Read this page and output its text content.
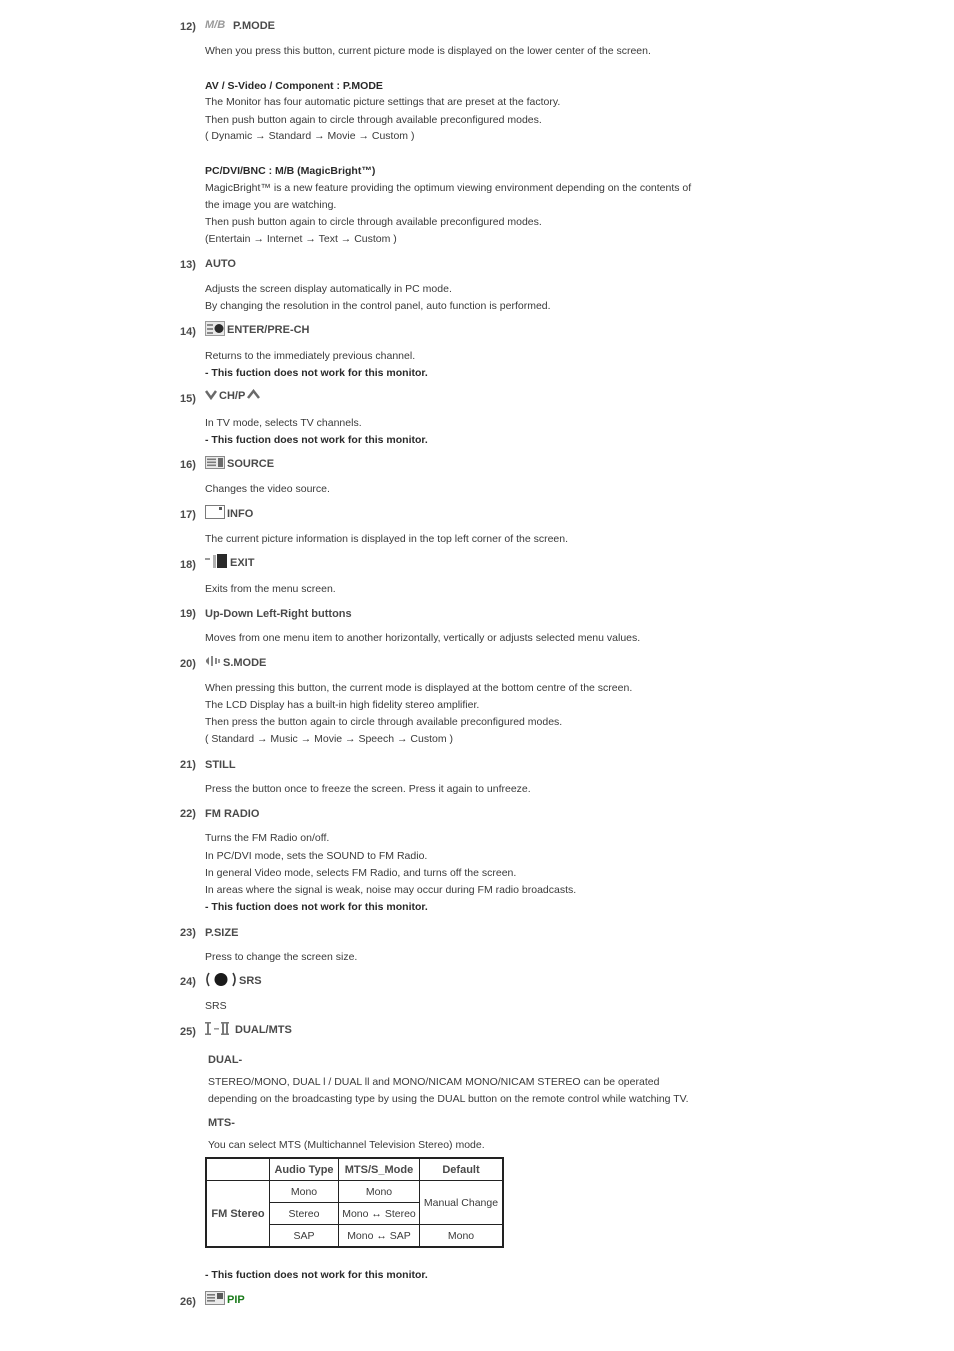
12) M/B P.MODE
When you press this button, current picture mode is displayed on the lower center of the screen.
AV / S-Video / Component : P.MODE
The Monitor has four automatic picture settings that are preset at the factory.
Then push button again to circle through available preconfigured modes.
( Dynamic → Standard → Movie → Custom )
PC/DVI/BNC : M/B (MagicBright™)
MagicBright™ is a new feature providing the optimum viewing environment depending on the contents of
the image you are watching.
Then push button again to circle through available preconfigured modes.
(Entertain → Internet → Text → Custom )
13) AUTO
Adjusts the screen display automatically in PC mode.
By changing the resolution in the control panel, auto function is performed.
14)	ENTER/PRE-CH
Returns to the immediately previous channel.
- This fuction does not work for this monitor.
15) CH/P
In TV mode, selects TV channels.
- This fuction does not work for this monitor.
16)	SOURCE
Changes the video source.
17)	INFO
The current picture information is displayed in the top left corner of the screen.
18)	EXIT
Exits from the menu screen.
19) Up-Down Left-Right buttons
Moves from one menu item to another horizontally, vertically or adjusts selected menu values.
20) S.MODE
When pressing this button, the current mode is displayed at the bottom centre of the screen.
The LCD Display has a built-in high fidelity stereo amplifier.
Then press the button again to circle through available preconfigured modes.
( Standard → Music → Movie → Speech → Custom )
21) STILL
Press the button once to freeze the screen. Press it again to unfreeze.
22) FM RADIO
Turns the FM Radio on/off.
In PC/DVI mode, sets the SOUND to FM Radio.
In general Video mode, selects FM Radio, and turns off the screen.
In areas where the signal is weak, noise may occur during FM radio broadcasts.
- This fuction does not work for this monitor.
23) P.SIZE
Press to change the screen size.
24)	SRS
SRS
25)	DUAL/MTS
DUAL-
STEREO/MONO, DUAL l / DUAL ll and MONO/NICAM MONO/NICAM STEREO can be operated
depending on the broadcasting type by using the DUAL button on the remote control while watching TV.
MTS-
You can select MTS (Multichannel Television Stereo) mode.
	Audio Type	MTS/S_Mode	Default
FM Stereo	Mono	Mono	Manual Change
	Stereo	Mono ↔ Stereo	
	SAP	Mono ↔ SAP	Mono
- This fuction does not work for this monitor.
26)	PIP
